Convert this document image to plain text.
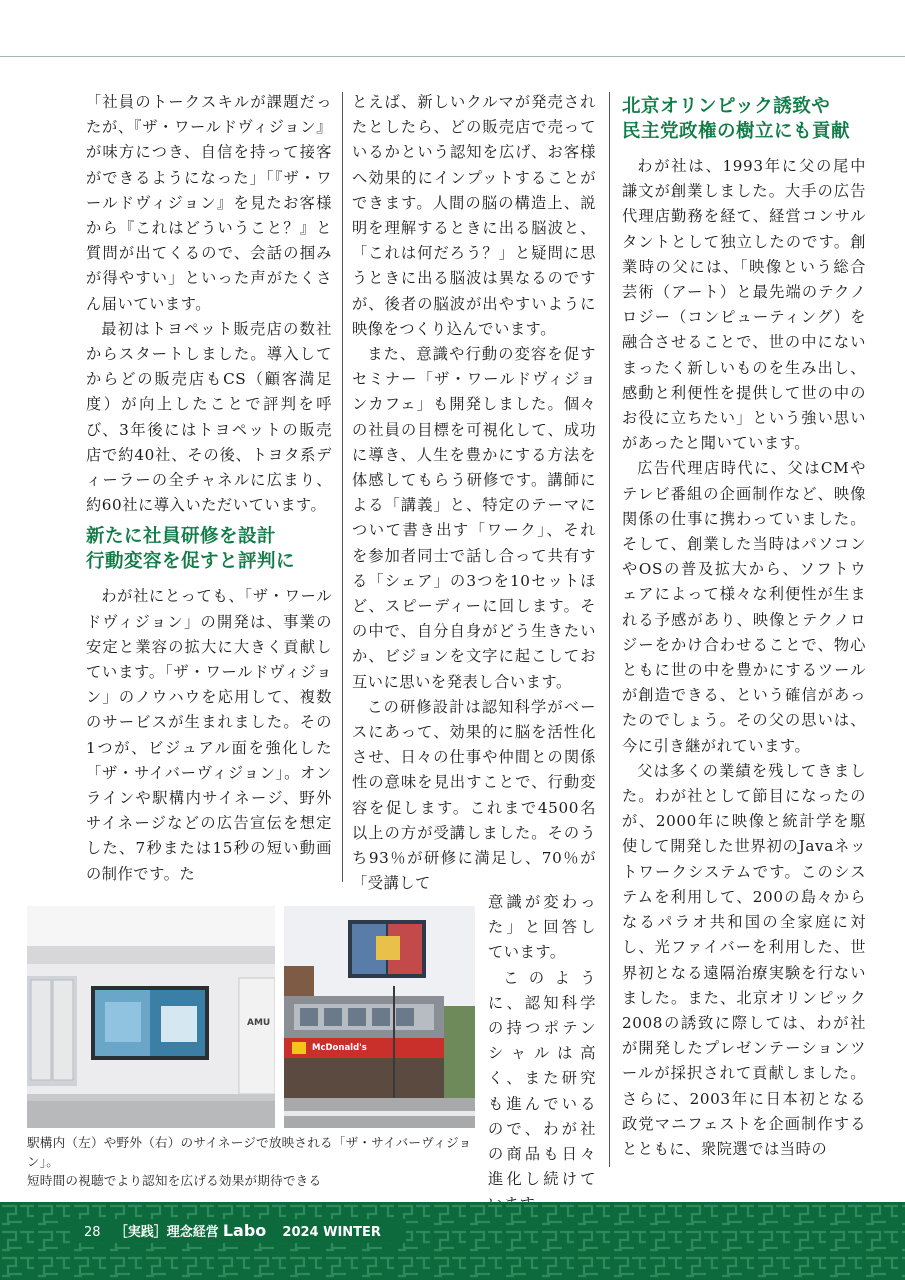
「社員のトークスキルが課題だったが、『ザ・ワールドヴィジョン』が味方につき、自信を持って接客ができるようになった」「『ザ・ワールドヴィジョン』を見たお客様から『これはどういうこと？』と質問が出てくるので、会話の掴みが得やすい」といった声がたくさん届いています。

最初はトヨペット販売店の数社からスタートしました。導入してからどの販売店もCS（顧客満足度）が向上したことで評判を呼び、3年後にはトヨペットの販売店で約40社、その後、トヨタ系ディーラーの全チャネルに広まり、約60社に導入いただいています。

新たに社員研修を設計
行動変容を促すと評判に

わが社にとっても、「ザ・ワールドヴィジョン」の開発は、事業の安定と業容の拡大に大きく貢献しています。「ザ・ワールドヴィジョン」のノウハウを応用して、複数のサービスが生まれました。その1つが、ビジュアル面を強化した「ザ・サイバーヴィジョン」。オンラインや駅構内サイネージ、野外サイネージなどの広告宣伝を想定した、7秒または15秒の短い動画の制作です。た

とえば、新しいクルマが発売されたとしたら、どの販売店で売っているかという認知を広げ、お客様へ効果的にインプットすることができます。人間の脳の構造上、説明を理解するときに出る脳波と、「これは何だろう？」と疑問に思うときに出る脳波は異なるのですが、後者の脳波が出やすいように映像をつくり込んでいます。

また、意識や行動の変容を促すセミナー「ザ・ワールドヴィジョンカフェ」も開発しました。個々の社員の目標を可視化して、成功に導き、人生を豊かにする方法を体感してもらう研修です。講師による「講義」と、特定のテーマについて書き出す「ワーク」、それを参加者同士で話し合って共有する「シェア」の3つを10セットほど、スピーディーに回します。その中で、自分自身がどう生きたいか、ビジョンを文字に起こしてお互いに思いを発表し合います。

この研修設計は認知科学がベースにあって、効果的に脳を活性化させ、日々の仕事や仲間との関係性の意味を見出すことで、行動変容を促します。これまで4500名以上の方が受講しました。そのうち93％が研修に満足し、70％が「受講して

意識が変わった」と回答しています。

このように、認知科学の持つポテンシャルは高く、また研究も進んでいるので、わが社の商品も日々進化し続けて

北京オリンピック誘致や
民主党政権の樹立にも貢献

わが社は、1993年に父の尾中謙文が創業しました。大手の広告代理店勤務を経て、経営コンサルタントとして独立したのです。創業時の父には、「映像という総合芸術（アート）と最先端のテクノロジー（コンピューティング）を融合させることで、世の中にないまったく新しいものを生み出し、感動と利便性を提供して世の中のお役に立ちたい」という強い思いがあったと聞いています。

広告代理店時代に、父はCMやテレビ番組の企画制作など、映像関係の仕事に携わっていました。そして、創業した当時はパソコンやOSの普及拡大から、ソフトウェアによって様々な利便性が生まれる予感があり、映像とテクノロジーをかけ合わせることで、物心ともに世の中を豊かにするツールが創造できる、という確信があったのでしょう。その父の思いは、今に引き継がれています。

父は多くの業績を残してきました。わが社として節目になったのが、2000年に映像と統計学を駆使して開発した世界初のJavaネットワークシステムです。このシステムを利用して、200の島々からなるパラオ共和国の全家庭に対し、光ファイバーを利用した、世界初となる遠隔治療実験を行ないました。また、北京オリンピック2008の誘致に際しては、わが社が開発したプレゼンテーションツールが採択されて貢献しました。さらに、2003年に日本初となる政党マニフェストを企画制作するとともに、衆院選では当時の

AMU
McDonald's
駅構内（左）や野外（右）のサイネージで放映される「ザ・サイバーヴィジョン」。
短時間の視聴でより認知を広げる効果が期待できる
28 ［実践］理念経営 Labo 2024 WINTER
